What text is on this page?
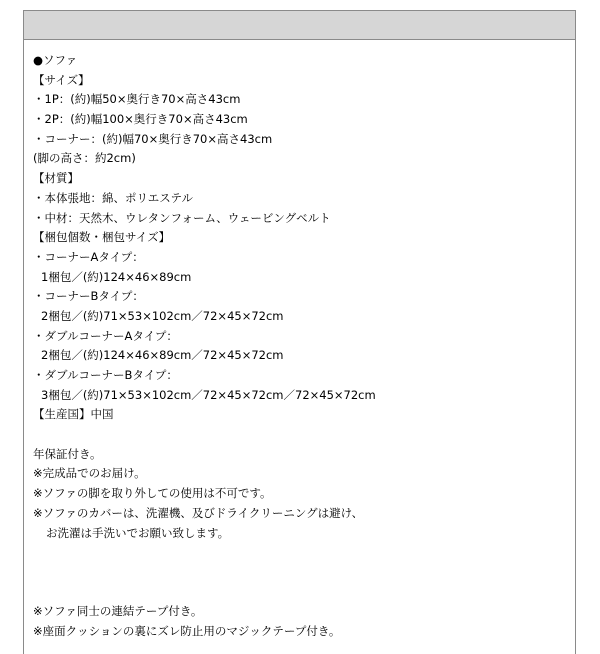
●ソファ
【サイズ】
・1P：(約)幅50×奥行き70×高さ43cm
・2P：(約)幅100×奥行き70×高さ43cm
・コーナー：(約)幅70×奥行き70×高さ43cm
(脚の高さ：約2cm)
【材質】
・本体張地：綿、ポリエステル
・中材：天然木、ウレタンフォーム、ウェービングベルト
【梱包個数・梱包サイズ】
・コーナーAタイプ：
1梱包／(約)124×46×89cm
・コーナーBタイプ：
2梱包／(約)71×53×102cm／72×45×72cm
・ダブルコーナーAタイプ：
2梱包／(約)124×46×89cm／72×45×72cm
・ダブルコーナーBタイプ：
3梱包／(約)71×53×102cm／72×45×72cm／72×45×72cm
【生産国】中国
年保証付き。
※完成品でのお届け。
※ソファの脚を取り外しての使用は不可です。
※ソファのカバーは、洗濯機、及びドライクリーニングは避け、
お洗濯は手洗いでお願い致します。
※ソファ同士の連結テープ付き。
※座面クッションの裏にズレ防止用のマジックテープ付き。
